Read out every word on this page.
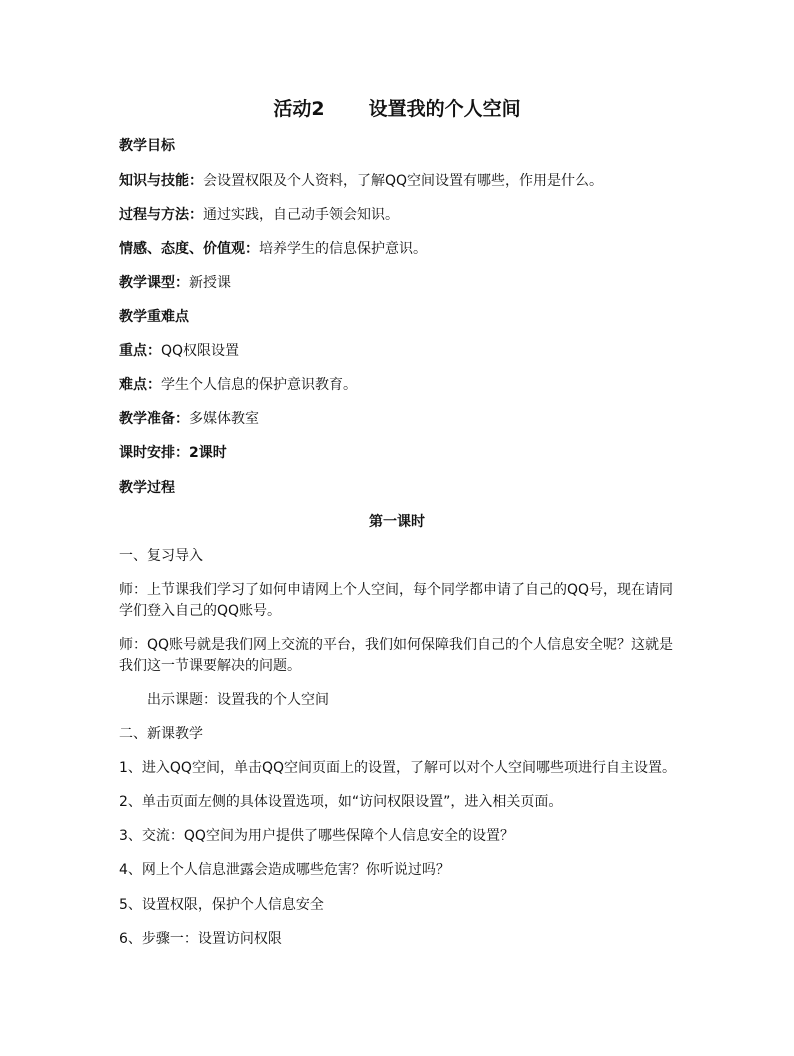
活动2 设置我的个人空间
教学目标
知识与技能：会设置权限及个人资料，了解QQ空间设置有哪些，作用是什么。
过程与方法：通过实践，自己动手领会知识。
情感、态度、价值观：培养学生的信息保护意识。
教学课型：新授课
教学重难点
重点：QQ权限设置
难点：学生个人信息的保护意识教育。
教学准备：多媒体教室
课时安排：2课时
教学过程
第一课时
一、复习导入
师：上节课我们学习了如何申请网上个人空间，每个同学都申请了自己的QQ号，现在请同
学们登入自己的QQ账号。
师：QQ账号就是我们网上交流的平台，我们如何保障我们自己的个人信息安全呢？这就是
我们这一节课要解决的问题。
出示课题：设置我的个人空间
二、新课教学
1、进入QQ空间，单击QQ空间页面上的设置，了解可以对个人空间哪些项进行自主设置。
2、单击页面左侧的具体设置选项，如“访问权限设置”，进入相关页面。
3、交流：QQ空间为用户提供了哪些保障个人信息安全的设置？
4、网上个人信息泄露会造成哪些危害？你听说过吗？
5、设置权限，保护个人信息安全
6、步骤一：设置访问权限
